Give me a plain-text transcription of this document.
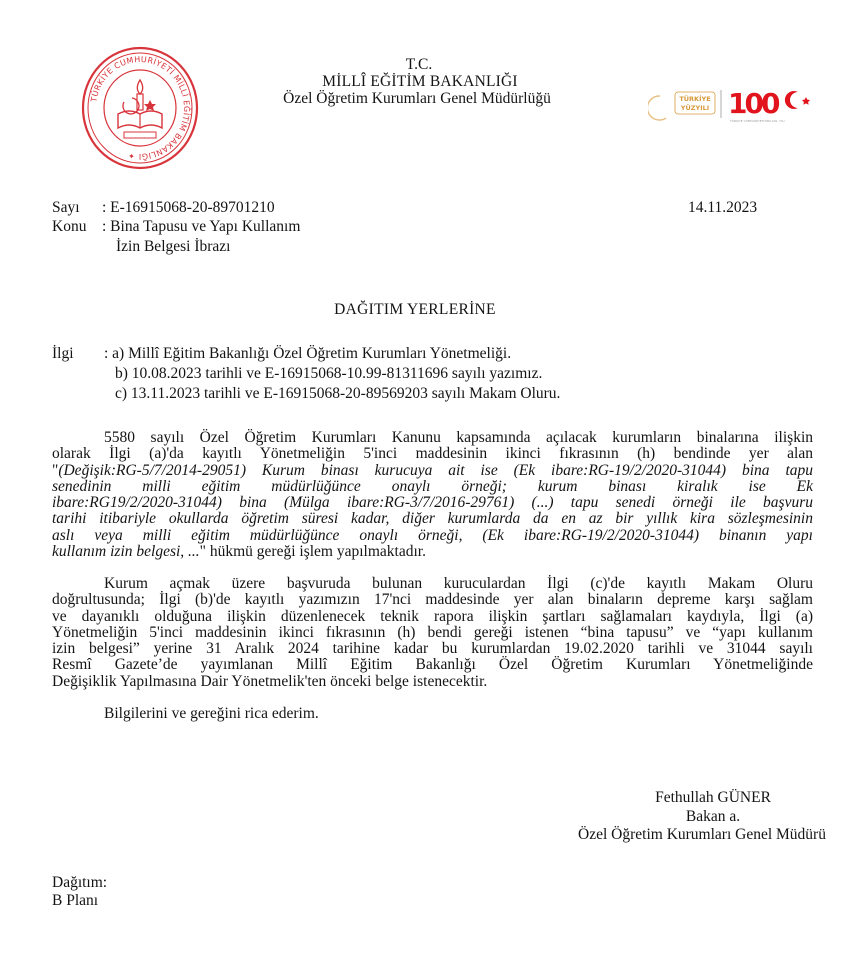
TÜRKİYE CUMHURİYETİ MİLLÎ EĞİTİM BAKANLIĞI ✦
T.C.
MİLLÎ EĞİTİM BAKANLIĞI
Özel Öğretim Kurumları Genel Müdürlüğü	TÜRKİYE
YÜZYILI 100
TÜRKİYE CUMHURİYETİ'NİN 100. YILI
Sayı : E-16915068-20-89701210
Konu : Bina Tapusu ve Yapı Kullanım
İzin Belgesi İbrazı
14.11.2023
DAĞITIM YERLERİNE
İlgi : a) Millî Eğitim Bakanlığı Özel Öğretim Kurumları Yönetmeliği.
b) 10.08.2023 tarihli ve E-16915068-10.99-81311696 sayılı yazımız.
c) 13.11.2023 tarihli ve E-16915068-20-89569203 sayılı Makam Oluru.
5580 sayılı Özel Öğretim Kurumları Kanunu kapsamında açılacak kurumların binalarına ilişkin
olarak İlgi (a)'da kayıtlı Yönetmeliğin 5'inci maddesinin ikinci fıkrasının (h) bendinde yer alan
"(Değişik:RG-5/7/2014-29051) Kurum binası kurucuya ait ise (Ek ibare:RG-19/2/2020-31044) bina tapu
senedinin milli eğitim müdürlüğünce onaylı örneği; kurum binası kiralık ise Ek
ibare:RG19/2/2020-31044) bina (Mülga ibare:RG-3/7/2016-29761) (...) tapu senedi örneği ile başvuru
tarihi itibariyle okullarda öğretim süresi kadar, diğer kurumlarda da en az bir yıllık kira sözleşmesinin
aslı veya milli eğitim müdürlüğünce onaylı örneği, (Ek ibare:RG-19/2/2020-31044) binanın yapı
kullanım izin belgesi, ..." hükmü gereği işlem yapılmaktadır.
Kurum açmak üzere başvuruda bulunan kuruculardan İlgi (c)'de kayıtlı Makam Oluru
doğrultusunda; İlgi (b)'de kayıtlı yazımızın 17'nci maddesinde yer alan binaların depreme karşı sağlam
ve dayanıklı olduğuna ilişkin düzenlenecek teknik rapora ilişkin şartları sağlamaları kaydıyla, İlgi (a)
Yönetmeliğin 5'inci maddesinin ikinci fıkrasının (h) bendi gereği istenen “bina tapusu” ve “yapı kullanım
izin belgesi” yerine 31 Aralık 2024 tarihine kadar bu kurumlardan 19.02.2020 tarihli ve 31044 sayılı
Resmî Gazete’de yayımlanan Millî Eğitim Bakanlığı Özel Öğretim Kurumları Yönetmeliğinde
Değişiklik Yapılmasına Dair Yönetmelik'ten önceki belge istenecektir.
Bilgilerini ve gereğini rica ederim.
Fethullah GÜNER
Bakan a.
Özel Öğretim Kurumları Genel Müdürü
Dağıtım:
B Planı
